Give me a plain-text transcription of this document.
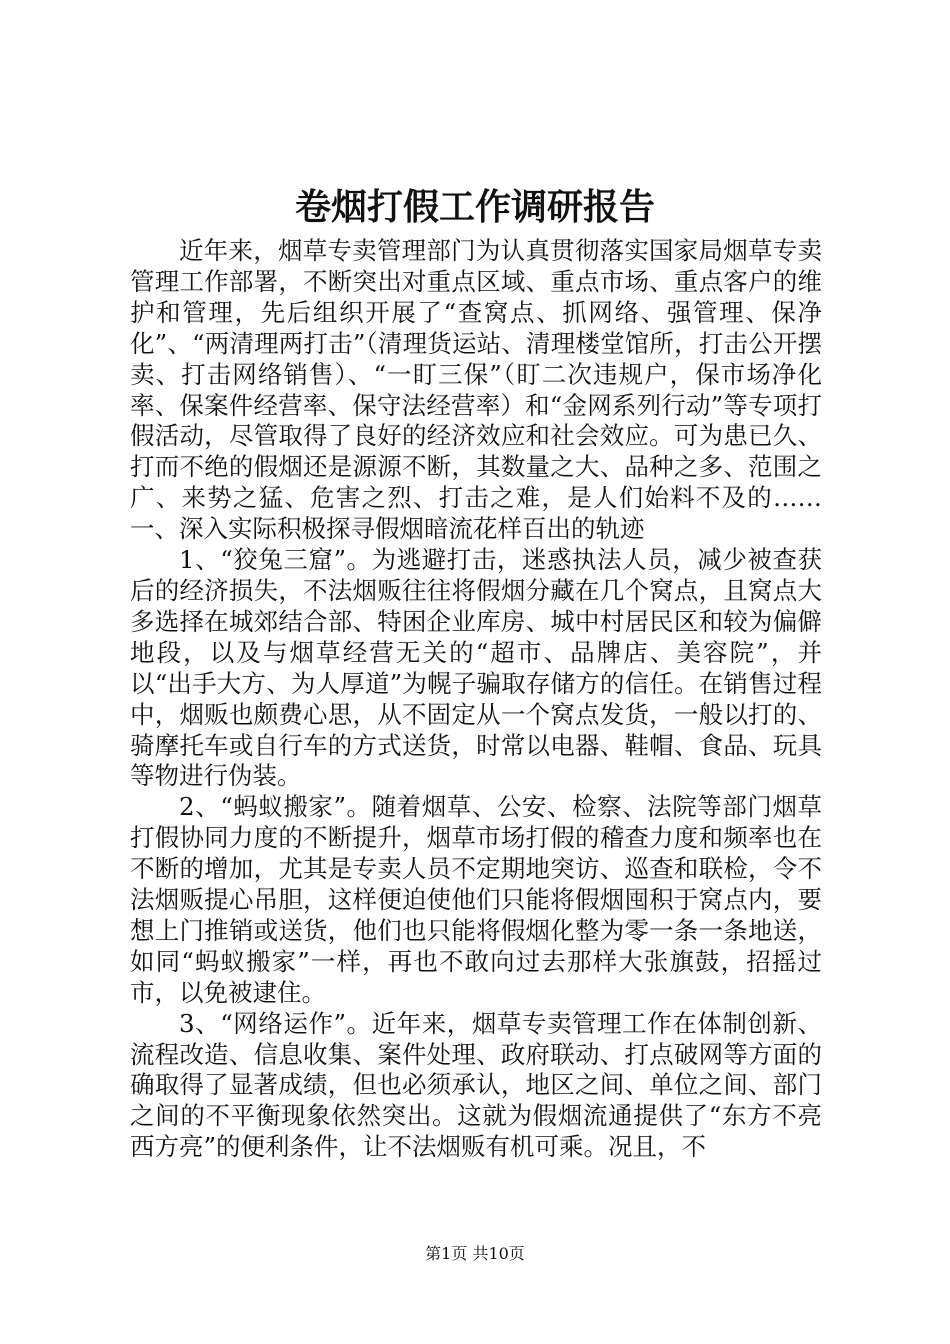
卷烟打假工作调研报告

近年来，烟草专卖管理部门为认真贯彻落实国家局烟草专卖管理工作部署，不断突出对重点区域、重点市场、重点客户的维护和管理，先后组织开展了“查窝点、抓网络、强管理、保净化”、“两清理两打击”（清理货运站、清理楼堂馆所，打击公开摆卖、打击网络销售）、“一盯三保”（盯二次违规户，保市场净化率、保案件经营率、保守法经营率）和“金网系列行动”等专项打假活动，尽管取得了良好的经济效应和社会效应。可为患已久、打而不绝的假烟还是源源不断，其数量之大、品种之多、范围之广、来势之猛、危害之烈、打击之难，是人们始料不及的……一、深入实际积极探寻假烟暗流花样百出的轨迹

1、“狡兔三窟”。为逃避打击，迷惑执法人员，减少被查获后的经济损失，不法烟贩往往将假烟分藏在几个窝点，且窝点大多选择在城郊结合部、特困企业库房、城中村居民区和较为偏僻地段，以及与烟草经营无关的“超市、品牌店、美容院”，并以“出手大方、为人厚道”为幌子骗取存储方的信任。在销售过程中，烟贩也颇费心思，从不固定从一个窝点发货，一般以打的、骑摩托车或自行车的方式送货，时常以电器、鞋帽、食品、玩具等物进行伪装。

2、“蚂蚁搬家”。随着烟草、公安、检察、法院等部门烟草打假协同力度的不断提升，烟草市场打假的稽查力度和频率也在不断的增加，尤其是专卖人员不定期地突访、巡查和联检，令不法烟贩提心吊胆，这样便迫使他们只能将假烟囤积于窝点内，要想上门推销或送货，他们也只能将假烟化整为零一条一条地送，如同“蚂蚁搬家”一样，再也不敢向过去那样大张旗鼓，招摇过市，以免被逮住。

3、“网络运作”。近年来，烟草专卖管理工作在体制创新、流程改造、信息收集、案件处理、政府联动、打点破网等方面的确取得了显著成绩，但也必须承认，地区之间、单位之间、部门之间的不平衡现象依然突出。这就为假烟流通提供了“东方不亮西方亮”的便利条件，让不法烟贩有机可乘。况且，不

第1页 共10页
